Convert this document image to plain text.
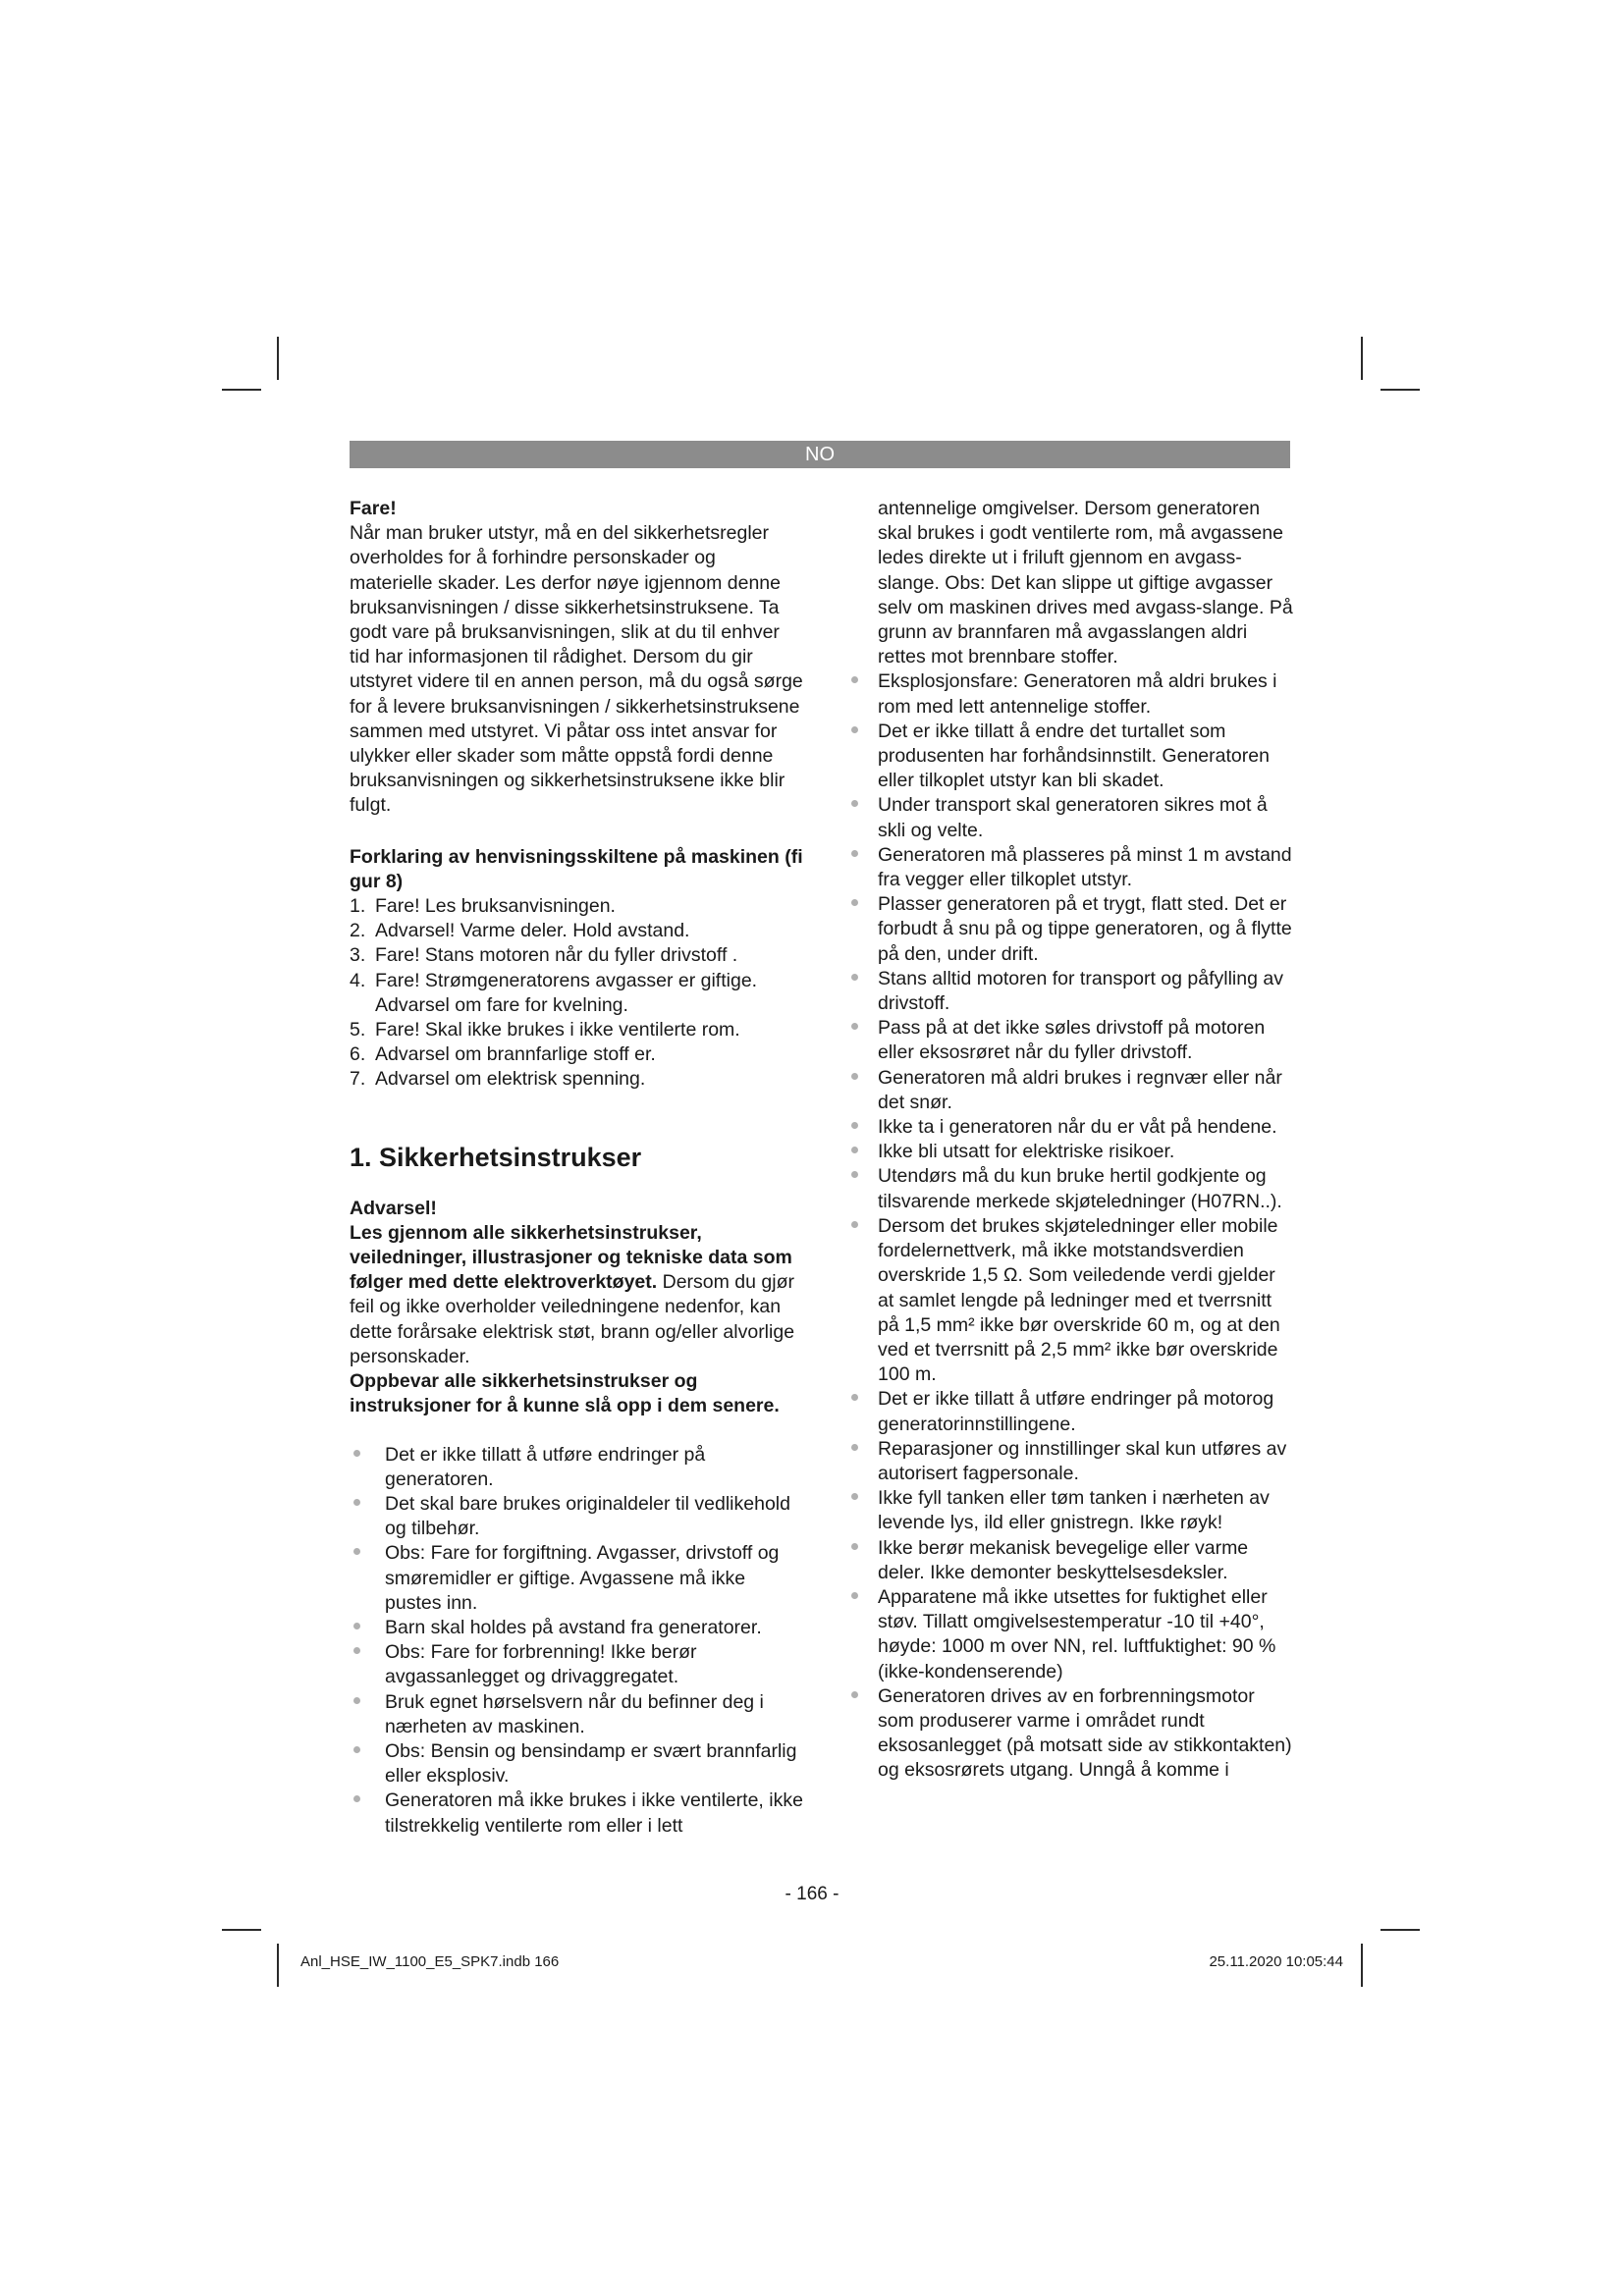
NO

Fare!

Når man bruker utstyr, må en del sikkerhetsregler overholdes for å forhindre personskader og materielle skader. Les derfor nøye igjennom denne bruksanvisningen / disse sikkerhetsinstruksene. Ta godt vare på bruksanvisningen, slik at du til enhver tid har informasjonen til rådighet. Dersom du gir utstyret videre til en annen person, må du også sørge for å levere bruksanvisningen / sikkerhetsinstruksene sammen med utstyret. Vi påtar oss intet ansvar for ulykker eller skader som måtte oppstå fordi denne bruksanvisningen og sikkerhetsinstruksene ikke blir fulgt.

Forklaring av henvisningsskiltene på maskinen (fi gur 8)

1. Fare! Les bruksanvisningen.

2. Advarsel! Varme deler. Hold avstand.

3. Fare! Stans motoren når du fyller drivstoff .

4. Fare! Strømgeneratorens avgasser er giftige. Advarsel om fare for kvelning.

5. Fare! Skal ikke brukes i ikke ventilerte rom.

6. Advarsel om brannfarlige stoff er.

7. Advarsel om elektrisk spenning.

1. Sikkerhetsinstrukser

Advarsel!

Les gjennom alle sikkerhetsinstrukser, veiledninger, illustrasjoner og tekniske data som følger med dette elektroverktøyet. Dersom du gjør feil og ikke overholder veiledningene nedenfor, kan dette forårsake elektrisk støt, brann og/eller alvorlige personskader.

Oppbevar alle sikkerhetsinstrukser og instruksjoner for å kunne slå opp i dem senere.

Det er ikke tillatt å utføre endringer på generatoren.

Det skal bare brukes originaldeler til vedlikehold og tilbehør.

Obs: Fare for forgiftning. Avgasser, drivstoff og smøremidler er giftige. Avgassene må ikke pustes inn.

Barn skal holdes på avstand fra generatorer.

Obs: Fare for forbrenning! Ikke berør avgassanlegget og drivaggregatet.

Bruk egnet hørselsvern når du befinner deg i nærheten av maskinen.

Obs: Bensin og bensindamp er svært brannfarlig eller eksplosiv.

Generatoren må ikke brukes i ikke ventilerte, ikke tilstrekkelig ventilerte rom eller i lett

antennelige omgivelser. Dersom generatoren skal brukes i godt ventilerte rom, må avgassene ledes direkte ut i friluft gjennom en avgass-slange. Obs: Det kan slippe ut giftige avgasser selv om maskinen drives med avgass-slange. På grunn av brannfaren må avgasslangen aldri rettes mot brennbare stoffer.

Eksplosjonsfare: Generatoren må aldri brukes i rom med lett antennelige stoffer.

Det er ikke tillatt å endre det turtallet som produsenten har forhåndsinnstilt. Generatoren eller tilkoplet utstyr kan bli skadet.

Under transport skal generatoren sikres mot å skli og velte.

Generatoren må plasseres på minst 1 m avstand fra vegger eller tilkoplet utstyr.

Plasser generatoren på et trygt, flatt sted. Det er forbudt å snu på og tippe generatoren, og å flytte på den, under drift.

Stans alltid motoren for transport og påfylling av drivstoff.

Pass på at det ikke søles drivstoff på motoren eller eksosrøret når du fyller drivstoff.

Generatoren må aldri brukes i regnvær eller når det snør.

Ikke ta i generatoren når du er våt på hendene.

Ikke bli utsatt for elektriske risikoer.

Utendørs må du kun bruke hertil godkjente og tilsvarende merkede skjøteledninger (H07RN..).

Dersom det brukes skjøteledninger eller mobile fordelernettverk, må ikke motstandsverdien overskride 1,5 Ω. Som veiledende verdi gjelder at samlet lengde på ledninger med et tverrsnitt på 1,5 mm² ikke bør overskride 60 m, og at den ved et tverrsnitt på 2,5 mm² ikke bør overskride 100 m.

Det er ikke tillatt å utføre endringer på motorog generatorinnstillingene.

Reparasjoner og innstillinger skal kun utføres av autorisert fagpersonale.

Ikke fyll tanken eller tøm tanken i nærheten av levende lys, ild eller gnistregn. Ikke røyk!

Ikke berør mekanisk bevegelige eller varme deler. Ikke demonter beskyttelsesdeksler.

Apparatene må ikke utsettes for fuktighet eller støv. Tillatt omgivelsestemperatur -10 til +40°, høyde: 1000 m over NN, rel. luftfuktighet: 90 % (ikke-kondenserende)

Generatoren drives av en forbrenningsmotor som produserer varme i området rundt eksosanlegget (på motsatt side av stikkontakten) og eksosrørets utgang. Unngå å komme i

- 166 -
Anl_HSE_IW_1100_E5_SPK7.indb 166	25.11.2020 10:05:44
